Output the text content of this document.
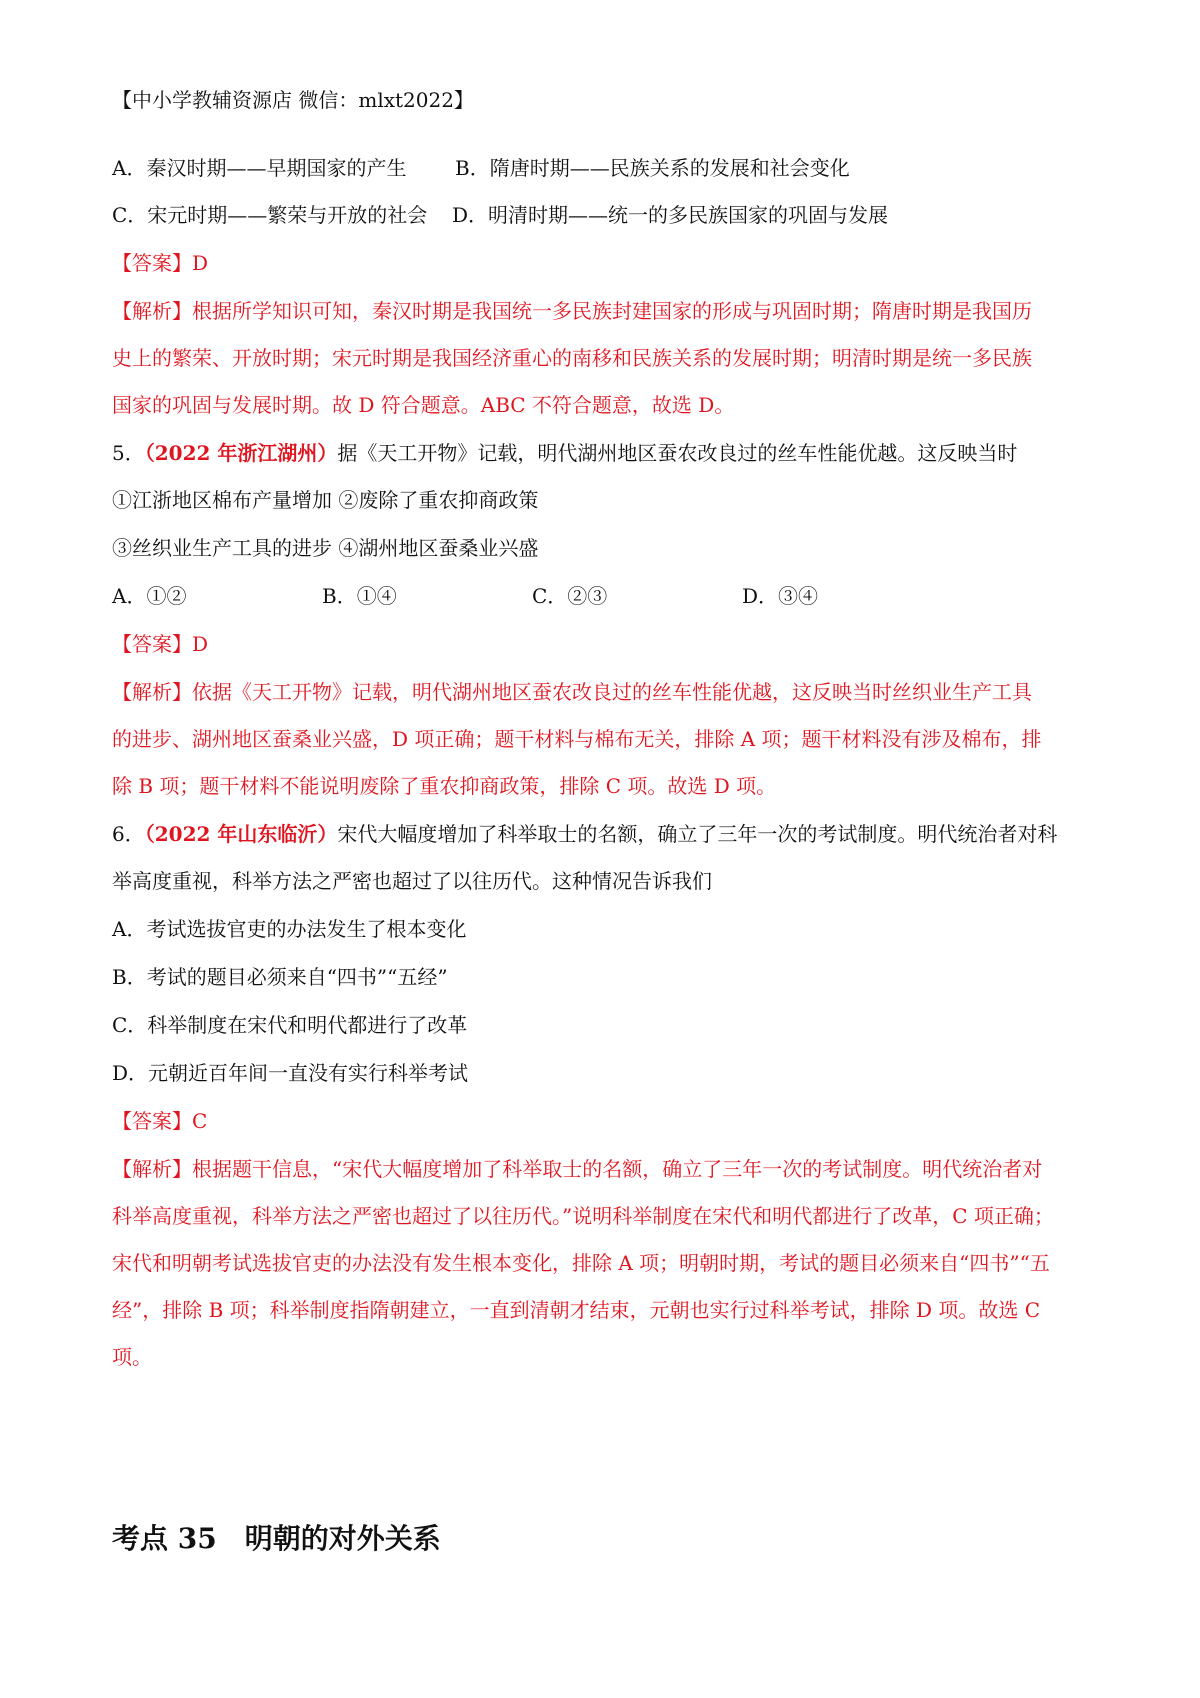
【中小学教辅资源店 微信：mlxt2022】
A．秦汉时期——早期国家的产生 B．隋唐时期——民族关系的发展和社会变化
C．宋元时期——繁荣与开放的社会 D．明清时期——统一的多民族国家的巩固与发展
【答案】D
【解析】根据所学知识可知，秦汉时期是我国统一多民族封建国家的形成与巩固时期；隋唐时期是我国历
史上的繁荣、开放时期；宋元时期是我国经济重心的南移和民族关系的发展时期；明清时期是统一多民族
国家的巩固与发展时期。故 D 符合题意。ABC 不符合题意，故选 D。
5．（2022 年浙江湖州）据《天工开物》记载，明代湖州地区蚕农改良过的丝车性能优越。这反映当时
①江浙地区棉布产量增加 ②废除了重农抑商政策
③丝织业生产工具的进步 ④湖州地区蚕桑业兴盛
A．①②	B．①④	C．②③	D．③④
【答案】D
【解析】依据《天工开物》记载，明代湖州地区蚕农改良过的丝车性能优越，这反映当时丝织业生产工具
的进步、湖州地区蚕桑业兴盛，D 项正确；题干材料与棉布无关，排除 A 项；题干材料没有涉及棉布，排
除 B 项；题干材料不能说明废除了重农抑商政策，排除 C 项。故选 D 项。
6．（2022 年山东临沂）宋代大幅度增加了科举取士的名额，确立了三年一次的考试制度。明代统治者对科
举高度重视，科举方法之严密也超过了以往历代。这种情况告诉我们
A．考试选拔官吏的办法发生了根本变化
B．考试的题目必须来自“四书”“五经”
C．科举制度在宋代和明代都进行了改革
D．元朝近百年间一直没有实行科举考试
【答案】C
【解析】根据题干信息，“宋代大幅度增加了科举取士的名额，确立了三年一次的考试制度。明代统治者对
科举高度重视，科举方法之严密也超过了以往历代。”说明科举制度在宋代和明代都进行了改革，C 项正确；
宋代和明朝考试选拔官吏的办法没有发生根本变化，排除 A 项；明朝时期，考试的题目必须来自“四书”“五
经”，排除 B 项；科举制度指隋朝建立，一直到清朝才结束，元朝也实行过科举考试，排除 D 项。故选 C
项。
考点 35 明朝的对外关系
